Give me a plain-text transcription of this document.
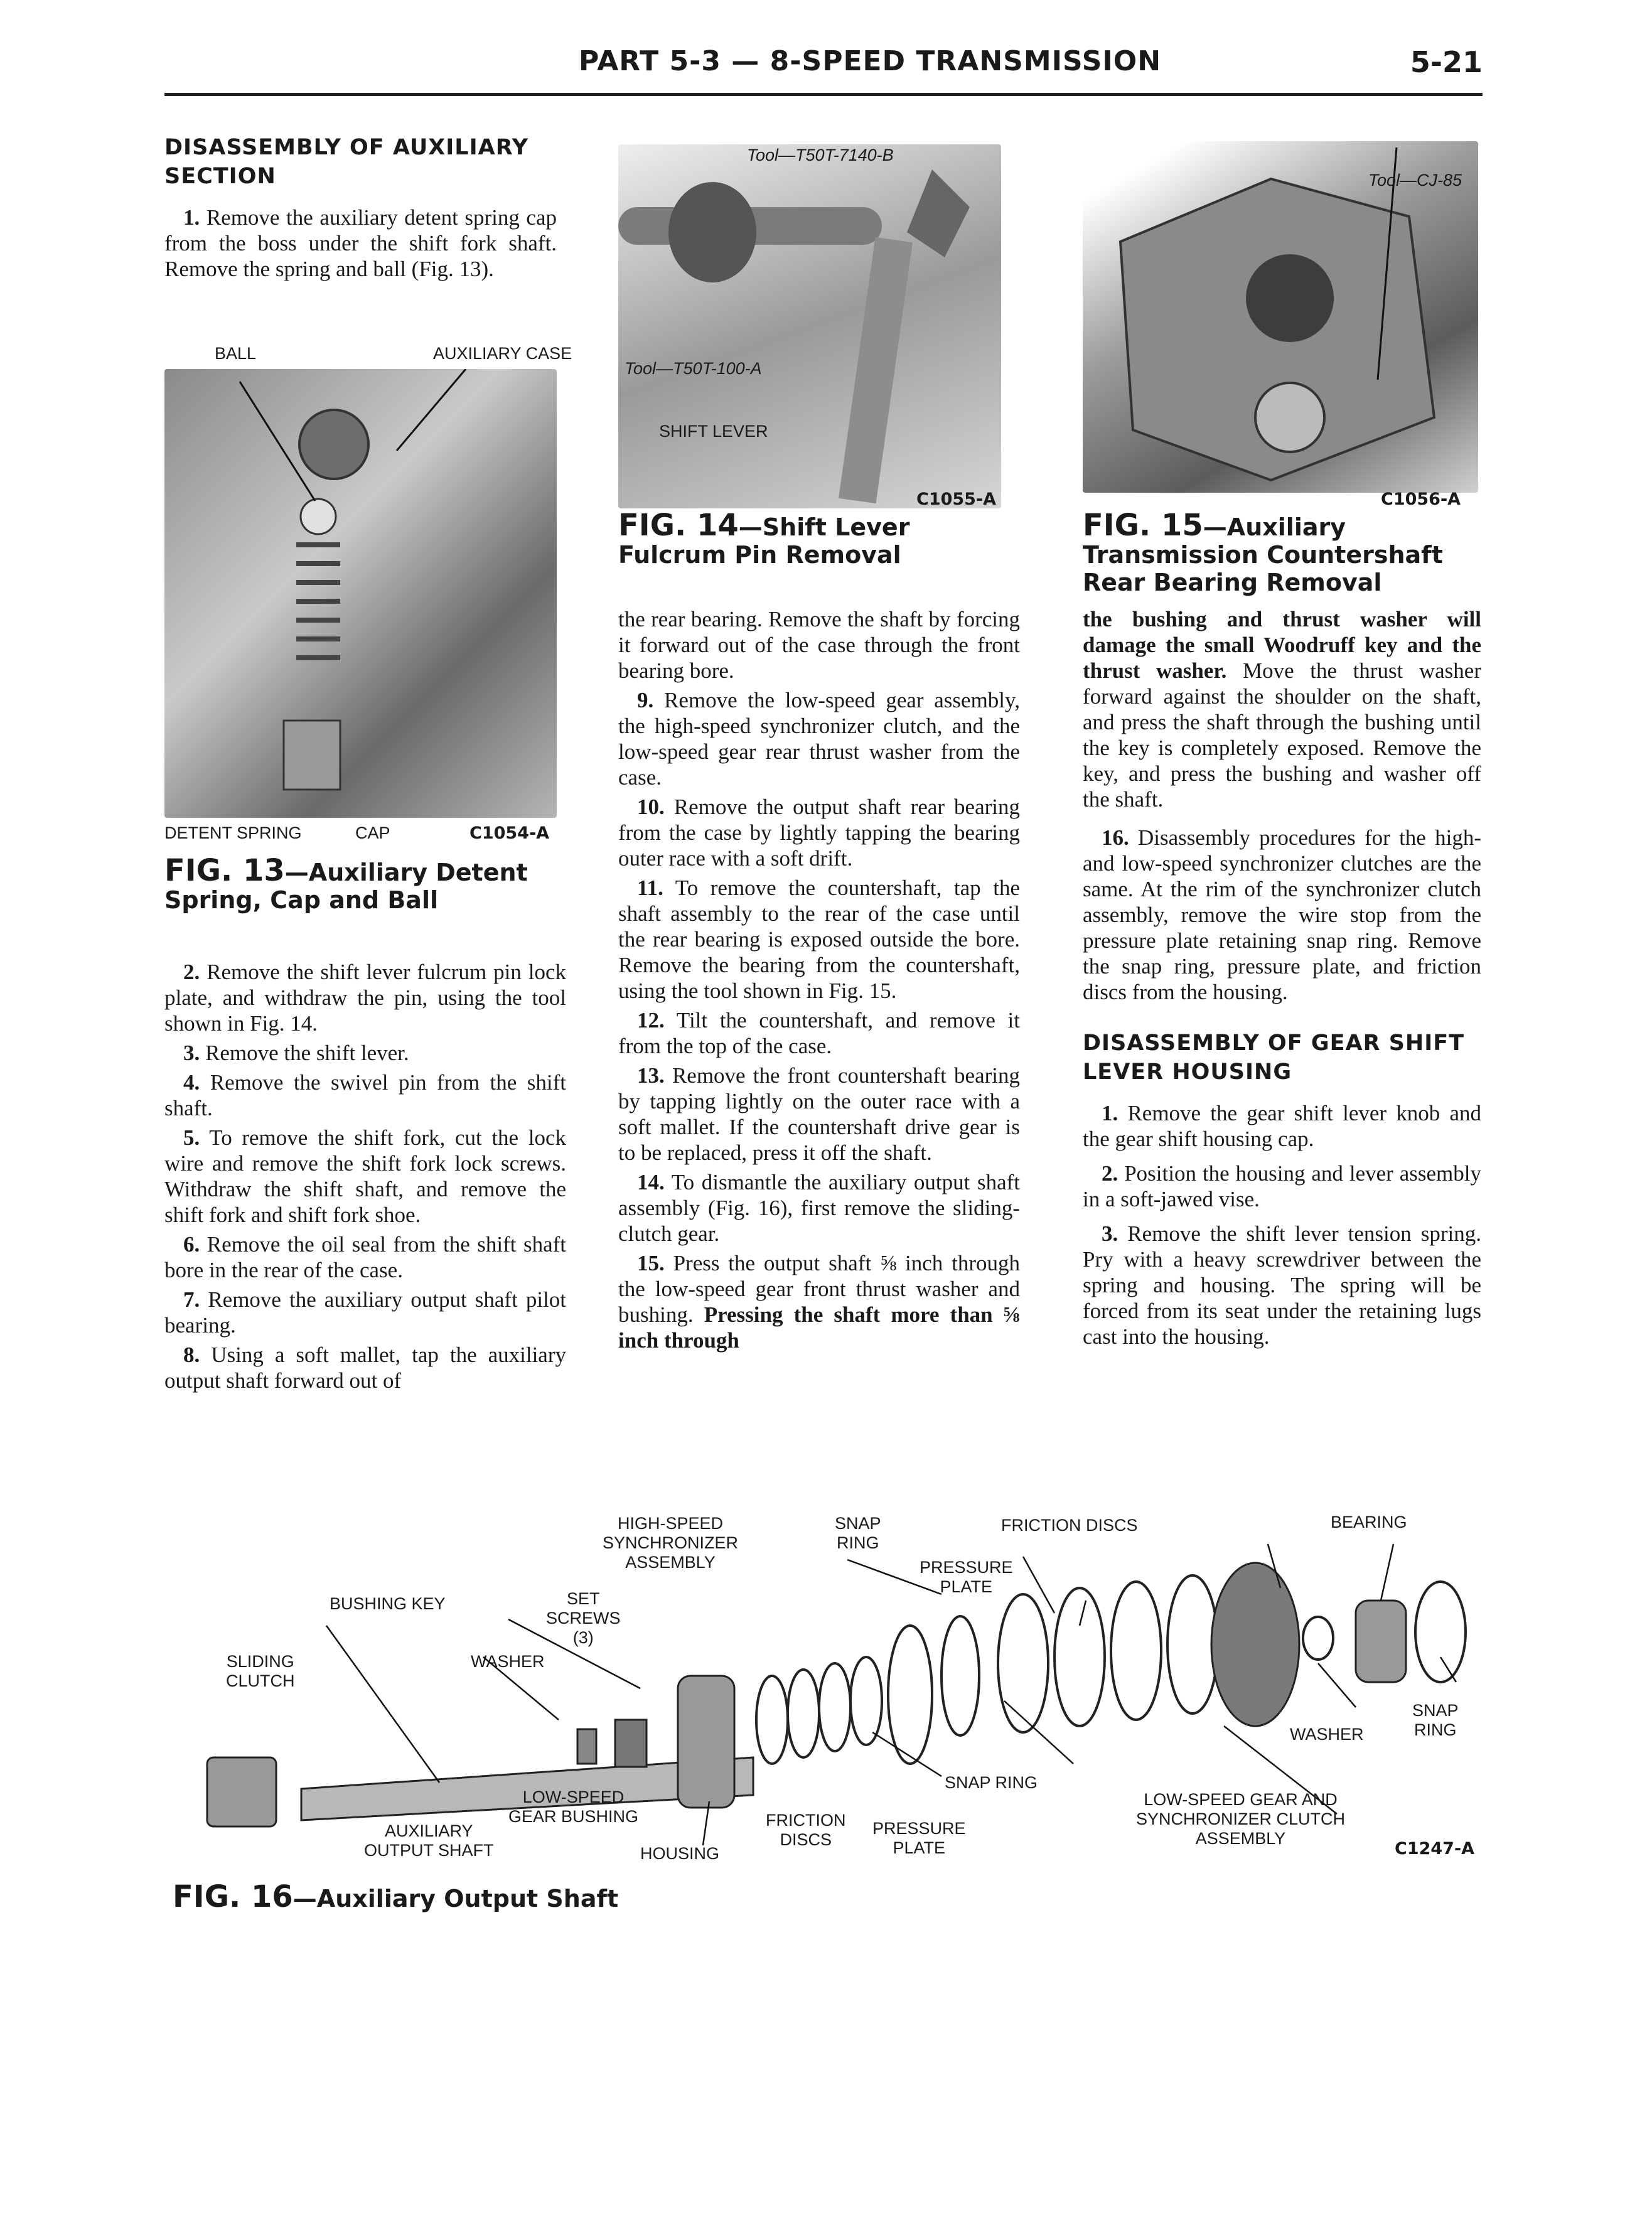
PART 5-3 — 8-SPEED TRANSMISSION	5-21
DISASSEMBLY OF AUXILIARY SECTION

1. Remove the auxiliary detent spring cap from the boss under the shift fork shaft. Remove the spring and ball (Fig. 13).

BALL	AUXILIARY CASE
DETENT SPRING	CAP	C1054-A
FIG. 13—Auxiliary Detent Spring, Cap and Ball

2. Remove the shift lever fulcrum pin lock plate, and withdraw the pin, using the tool shown in Fig. 14.

3. Remove the shift lever.

4. Remove the swivel pin from the shift shaft.

5. To remove the shift fork, cut the lock wire and remove the shift fork lock screws. Withdraw the shift shaft, and remove the shift fork and shift fork shoe.

6. Remove the oil seal from the shift shaft bore in the rear of the case.

7. Remove the auxiliary output shaft pilot bearing.

8. Using a soft mallet, tap the auxiliary output shaft forward out of

Tool—T50T-7140-B
Tool—T50T-100-A
SHIFT LEVER
C1055-A
FIG. 14—Shift Lever Fulcrum Pin Removal
Tool—CJ-85
C1056-A
FIG. 15—Auxiliary Transmission Countershaft Rear Bearing Removal

the rear bearing. Remove the shaft by forcing it forward out of the case through the front bearing bore.

9. Remove the low-speed gear assembly, the high-speed synchronizer clutch, and the low-speed gear rear thrust washer from the case.

10. Remove the output shaft rear bearing from the case by lightly tapping the bearing outer race with a soft drift.

11. To remove the countershaft, tap the shaft assembly to the rear of the case until the rear bearing is exposed outside the bore. Remove the bearing from the countershaft, using the tool shown in Fig. 15.

12. Tilt the countershaft, and remove it from the top of the case.

13. Remove the front countershaft bearing by tapping lightly on the outer race with a soft mallet. If the countershaft drive gear is to be replaced, press it off the shaft.

14. To dismantle the auxiliary output shaft assembly (Fig. 16), first remove the sliding-clutch gear.

15. Press the output shaft ⅝ inch through the low-speed gear front thrust washer and bushing. Pressing the shaft more than ⅝ inch through

the bushing and thrust washer will damage the small Woodruff key and the thrust washer. Move the thrust washer forward against the shoulder on the shaft, and press the shaft through the bushing until the key is completely exposed. Remove the key, and press the bushing and washer off the shaft.

16. Disassembly procedures for the high- and low-speed synchronizer clutches are the same. At the rim of the synchronizer clutch assembly, remove the wire stop from the pressure plate retaining snap ring. Remove the snap ring, pressure plate, and friction discs from the housing.

DISASSEMBLY OF GEAR SHIFT LEVER HOUSING

1. Remove the gear shift lever knob and the gear shift housing cap.

2. Position the housing and lever assembly in a soft-jawed vise.

3. Remove the shift lever tension spring. Pry with a heavy screwdriver between the spring and housing. The spring will be forced from its seat under the retaining lugs cast into the housing.

HIGH-SPEED
SYNCHRONIZER
ASSEMBLY
SNAP
RING
FRICTION DISCS	BEARING
PRESSURE
PLATE
BUSHING KEY	SET
SCREWS
(3)
SLIDING
CLUTCH
WASHER
SNAP
RING
WASHER
SNAP RING
LOW-SPEED
GEAR BUSHING	FRICTION
DISCS
PRESSURE
PLATE
LOW-SPEED GEAR AND
SYNCHRONIZER CLUTCH
ASSEMBLY
AUXILIARY
OUTPUT SHAFT	HOUSING	C1247-A
FIG. 16—Auxiliary Output Shaft
